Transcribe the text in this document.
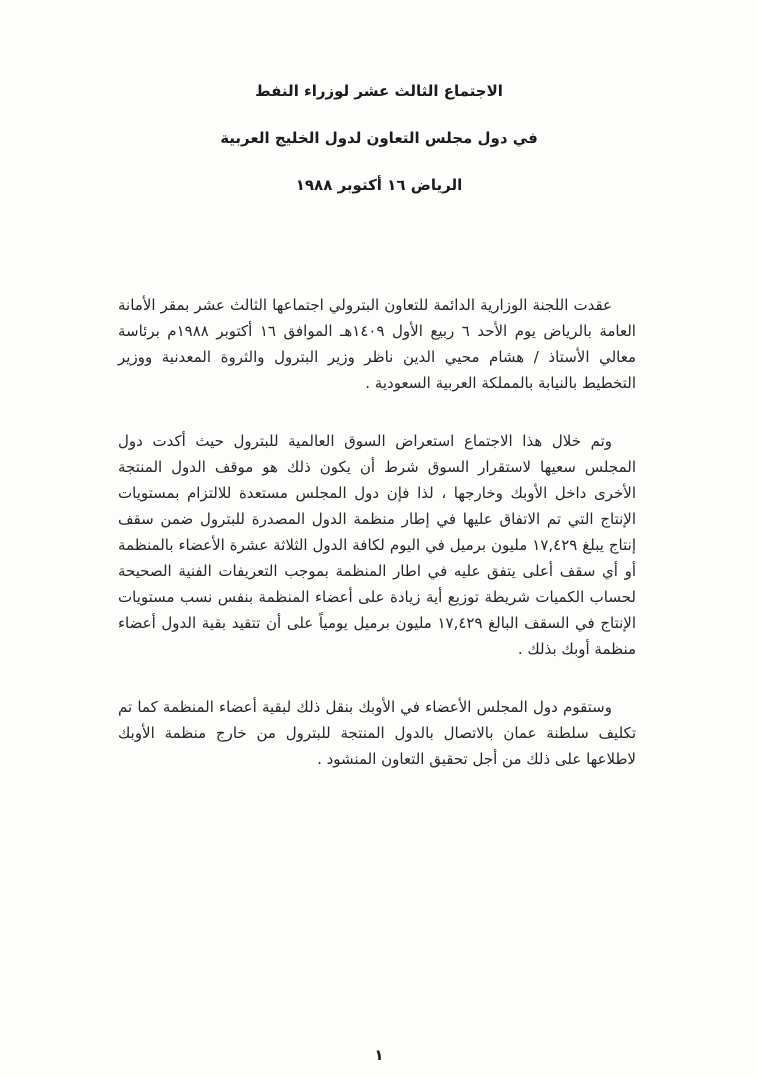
الاجتماع الثالث عشر لوزراء النفط

في دول مجلس التعاون لدول الخليج العربية

الرياض ١٦ أكتوبر ١٩٨٨

عقدت اللجنة الوزارية الدائمة للتعاون البترولي اجتماعها الثالث عشر بمقر الأمانة العامة بالرياض يوم الأحد ٦ ربيع الأول ١٤٠٩هـ الموافق ١٦ أكتوبر ١٩٨٨م برئاسة معالي الأستاذ / هشام محيي الدين ناظر وزير البترول والثروة المعدنية ووزير التخطيط بالنيابة بالمملكة العربية السعودية .

وتم خلال هذا الاجتماع استعراض السوق العالمية للبترول حيث أكدت دول المجلس سعيها لاستقرار السوق شرط أن يكون ذلك هو موقف الدول المنتجة الأخرى داخل الأوبك وخارجها ، لذا فإن دول المجلس مستعدة للالتزام بمستويات الإنتاج التي تم الاتفاق عليها في إطار منظمة الدول المصدرة للبترول ضمن سقف إنتاج يبلغ ١٧,٤٢٩ مليون برميل في اليوم لكافة الدول الثلاثة عشرة الأعضاء بالمنظمة أو أي سقف أعلى يتفق عليه في اطار المنظمة بموجب التعريفات الفنية الصحيحة لحساب الكميات شريطة توزيع أية زيادة على أعضاء المنظمة بنفس نسب مستويات الإنتاج في السقف البالغ ١٧,٤٢٩ مليون برميل يومياً على أن تتقيد بقية الدول أعضاء منظمة أوبك بذلك .

وستقوم دول المجلس الأعضاء في الأوبك بنقل ذلك لبقية أعضاء المنظمة كما تم تكليف سلطنة عمان بالاتصال بالدول المنتجة للبترول من خارج منظمة الأوبك لاطلاعها على ذلك من أجل تحقيق التعاون المنشود .

١
